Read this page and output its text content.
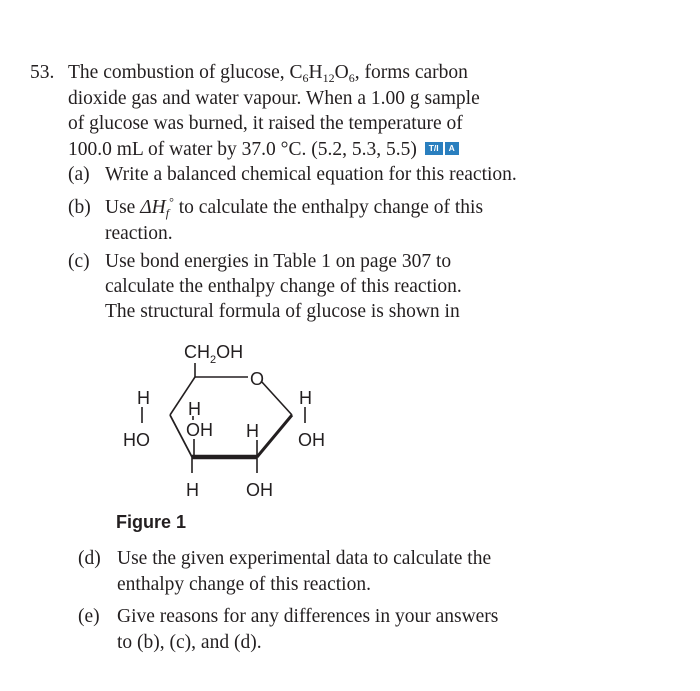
53. The combustion of glucose, $C_6H_{12}O_6$, forms carbon
dioxide gas and water vapour. When a 1.00 g sample
of glucose was burned, it raised the temperature of
100.0 mL of water by 37.0 °C. (5.2, 5.3, 5.5) T/I A
(a) Write a balanced chemical equation for this reaction.
(b) Use $\Delta H_f^\circ$ to calculate the enthalpy change of this
reaction.
(c) Use bond energies in Table 1 on page 307 to
calculate the enthalpy change of this reaction.
The structural formula of glucose is shown in
$CH_2OH$
O
H
HO
H
OH H
H
OH
H	OH
Figure 1
(d) Use the given experimental data to calculate the
enthalpy change of this reaction.
(e) Give reasons for any differences in your answers
to (b), (c), and (d).
